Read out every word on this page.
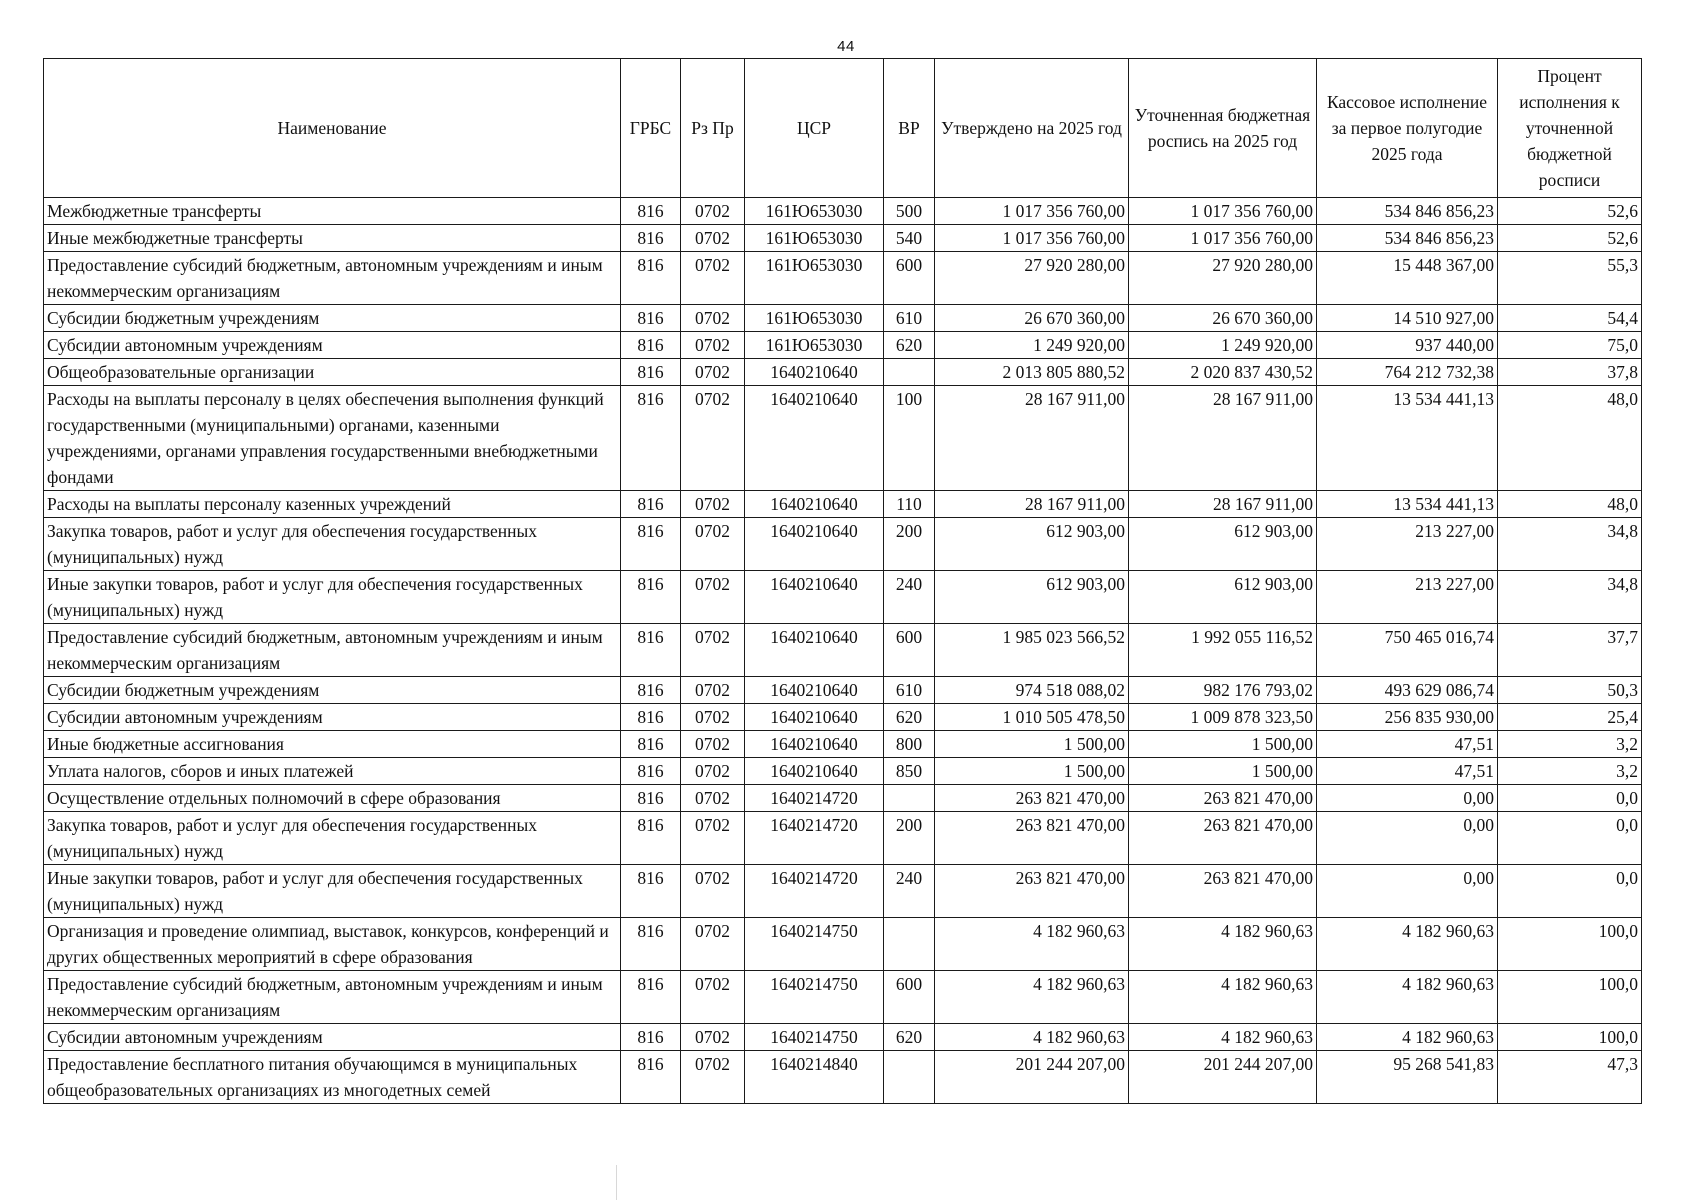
44
Наименование	ГРБС	Рз Пр	ЦСР	ВР	Утверждено на 2025 год	Уточненная бюджетная роспись на 2025 год	Кассовое исполнение за первое полугодие 2025 года	Процент исполнения к уточненной бюджетной росписи
Межбюджетные трансферты	816	0702	161Ю653030	500	1 017 356 760,00	1 017 356 760,00	534 846 856,23	52,6
Иные межбюджетные трансферты	816	0702	161Ю653030	540	1 017 356 760,00	1 017 356 760,00	534 846 856,23	52,6
Предоставление субсидий бюджетным, автономным учреждениям и иным некоммерческим организациям	816	0702	161Ю653030	600	27 920 280,00	27 920 280,00	15 448 367,00	55,3
Субсидии бюджетным учреждениям	816	0702	161Ю653030	610	26 670 360,00	26 670 360,00	14 510 927,00	54,4
Субсидии автономным учреждениям	816	0702	161Ю653030	620	1 249 920,00	1 249 920,00	937 440,00	75,0
Общеобразовательные организации	816	0702	1640210640		2 013 805 880,52	2 020 837 430,52	764 212 732,38	37,8
Расходы на выплаты персоналу в целях обеспечения выполнения функций государственными (муниципальными) органами, казенными учреждениями, органами управления государственными внебюджетными фондами	816	0702	1640210640	100	28 167 911,00	28 167 911,00	13 534 441,13	48,0
Расходы на выплаты персоналу казенных учреждений	816	0702	1640210640	110	28 167 911,00	28 167 911,00	13 534 441,13	48,0
Закупка товаров, работ и услуг для обеспечения государственных (муниципальных) нужд	816	0702	1640210640	200	612 903,00	612 903,00	213 227,00	34,8
Иные закупки товаров, работ и услуг для обеспечения государственных (муниципальных) нужд	816	0702	1640210640	240	612 903,00	612 903,00	213 227,00	34,8
Предоставление субсидий бюджетным, автономным учреждениям и иным некоммерческим организациям	816	0702	1640210640	600	1 985 023 566,52	1 992 055 116,52	750 465 016,74	37,7
Субсидии бюджетным учреждениям	816	0702	1640210640	610	974 518 088,02	982 176 793,02	493 629 086,74	50,3
Субсидии автономным учреждениям	816	0702	1640210640	620	1 010 505 478,50	1 009 878 323,50	256 835 930,00	25,4
Иные бюджетные ассигнования	816	0702	1640210640	800	1 500,00	1 500,00	47,51	3,2
Уплата налогов, сборов и иных платежей	816	0702	1640210640	850	1 500,00	1 500,00	47,51	3,2
Осуществление отдельных полномочий в сфере образования	816	0702	1640214720		263 821 470,00	263 821 470,00	0,00	0,0
Закупка товаров, работ и услуг для обеспечения государственных (муниципальных) нужд	816	0702	1640214720	200	263 821 470,00	263 821 470,00	0,00	0,0
Иные закупки товаров, работ и услуг для обеспечения государственных (муниципальных) нужд	816	0702	1640214720	240	263 821 470,00	263 821 470,00	0,00	0,0
Организация и проведение олимпиад, выставок, конкурсов, конференций и других общественных мероприятий в сфере образования	816	0702	1640214750		4 182 960,63	4 182 960,63	4 182 960,63	100,0
Предоставление субсидий бюджетным, автономным учреждениям и иным некоммерческим организациям	816	0702	1640214750	600	4 182 960,63	4 182 960,63	4 182 960,63	100,0
Субсидии автономным учреждениям	816	0702	1640214750	620	4 182 960,63	4 182 960,63	4 182 960,63	100,0
Предоставление бесплатного питания обучающимся в муниципальных общеобразовательных организациях из многодетных семей	816	0702	1640214840		201 244 207,00	201 244 207,00	95 268 541,83	47,3
